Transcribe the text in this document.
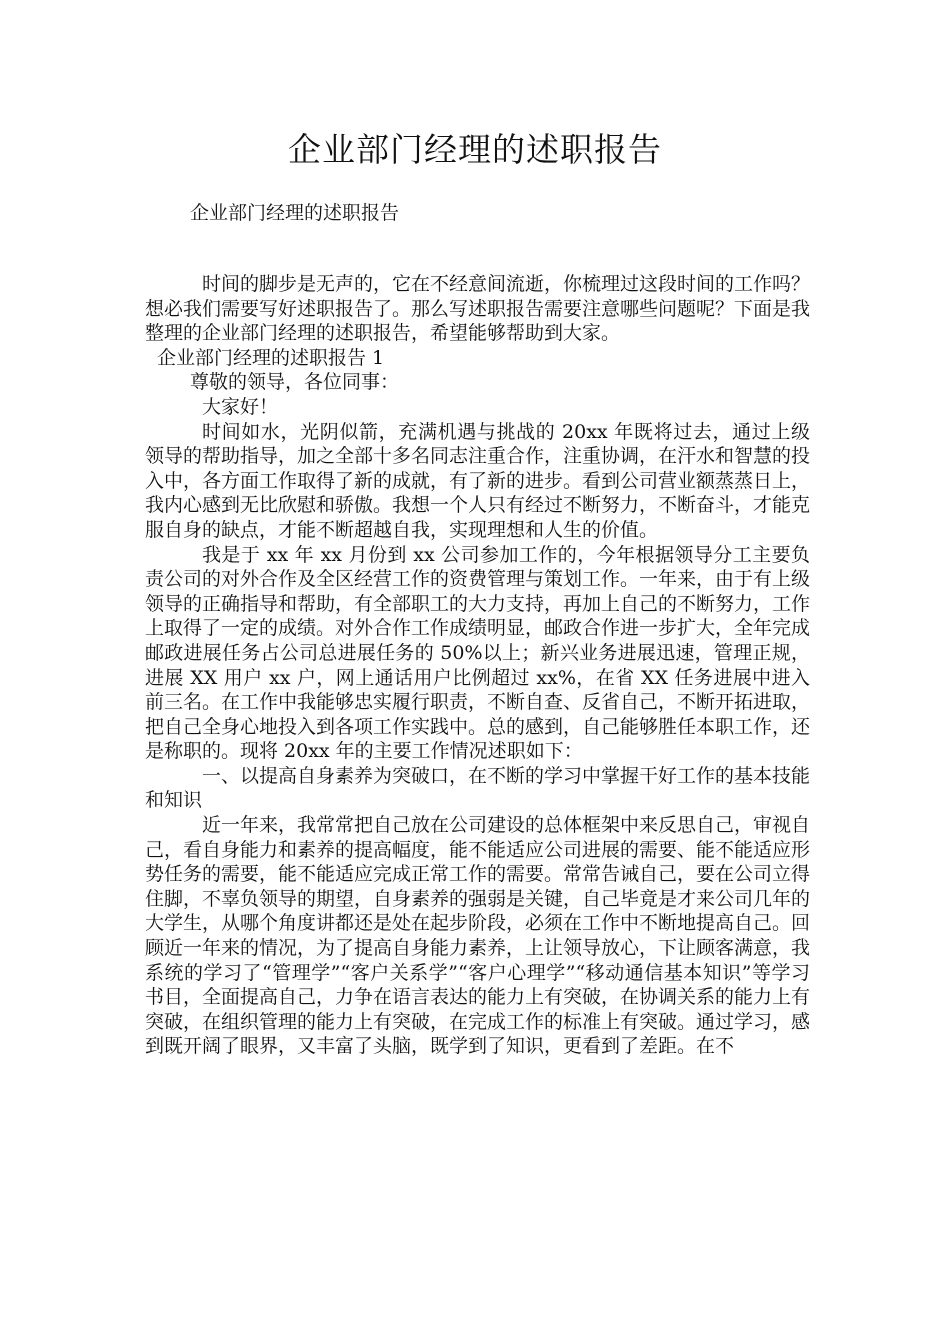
企业部门经理的述职报告

企业部门经理的述职报告

时间的脚步是无声的，它在不经意间流逝，你梳理过这段时间的工作吗？想必我们需要写好述职报告了。那么写述职报告需要注意哪些问题呢？下面是我整理的企业部门经理的述职报告，希望能够帮助到大家。

企业部门经理的述职报告 1

尊敬的领导，各位同事：

大家好！

时间如水，光阴似箭，充满机遇与挑战的 20xx 年既将过去，通过上级领导的帮助指导，加之全部十多名同志注重合作，注重协调，在汗水和智慧的投入中，各方面工作取得了新的成就，有了新的进步。看到公司营业额蒸蒸日上，我内心感到无比欣慰和骄傲。我想一个人只有经过不断努力，不断奋斗，才能克服自身的缺点，才能不断超越自我，实现理想和人生的价值。

我是于 xx 年 xx 月份到 xx 公司参加工作的，今年根据领导分工主要负责公司的对外合作及全区经营工作的资费管理与策划工作。一年来，由于有上级领导的正确指导和帮助，有全部职工的大力支持，再加上自己的不断努力，工作上取得了一定的成绩。对外合作工作成绩明显，邮政合作进一步扩大，全年完成邮政进展任务占公司总进展任务的 50%以上；新兴业务进展迅速，管理正规，进展 XX 用户 xx 户，网上通话用户比例超过 xx%，在省 XX 任务进展中进入前三名。在工作中我能够忠实履行职责，不断自查、反省自己，不断开拓进取，把自己全身心地投入到各项工作实践中。总的感到，自己能够胜任本职工作，还是称职的。现将 20xx 年的主要工作情况述职如下：

一、以提高自身素养为突破口，在不断的学习中掌握干好工作的基本技能和知识

近一年来，我常常把自己放在公司建设的总体框架中来反思自己，审视自己，看自身能力和素养的提高幅度，能不能适应公司进展的需要、能不能适应形势任务的需要，能不能适应完成正常工作的需要。常常告诫自己，要在公司立得住脚，不辜负领导的期望，自身素养的强弱是关键，自己毕竟是才来公司几年的大学生，从哪个角度讲都还是处在起步阶段，必须在工作中不断地提高自己。回顾近一年来的情况，为了提高自身能力素养，上让领导放心，下让顾客满意，我系统的学习了“管理学”“客户关系学”“客户心理学”“移动通信基本知识”等学习书目，全面提高自己，力争在语言表达的能力上有突破，在协调关系的能力上有突破，在组织管理的能力上有突破，在完成工作的标准上有突破。通过学习，感到既开阔了眼界，又丰富了头脑，既学到了知识，更看到了差距。在不
